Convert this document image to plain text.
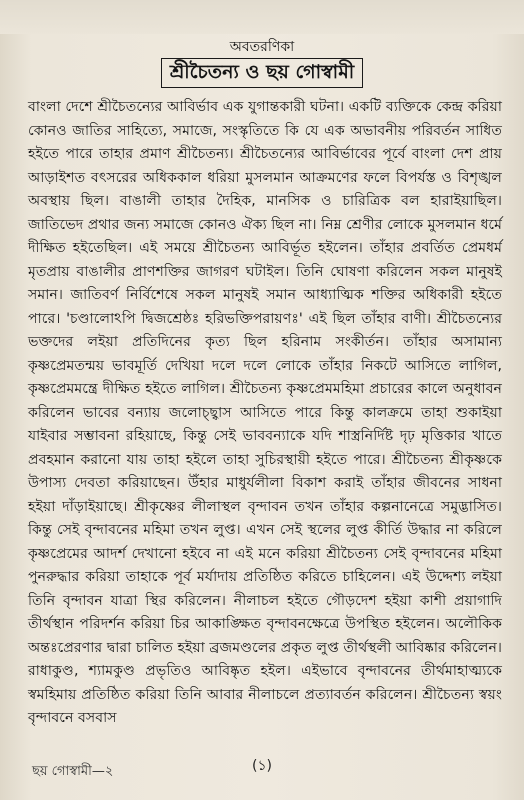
অবতরণিকা
শ্রীচৈতন্য ও ছয় গোস্বামী

বাংলা দেশে শ্রীচৈতন্যের আবির্ভাব এক যুগান্তকারী ঘটনা। একটি ব্যক্তিকে কেন্দ্র করিয়া কোনও জাতির সাহিত্যে, সমাজে, সংস্কৃতিতে কি যে এক অভাবনীয় পরিবর্তন সাধিত হইতে পারে তাহার প্রমাণ শ্রীচৈতন্য। শ্রীচৈতন্যের আবির্ভাবের পূর্বে বাংলা দেশ প্রায় আড়াইশত বৎসরের অধিককাল ধরিয়া মুসলমান আক্রমণের ফলে বিপর্যস্ত ও বিশৃঙ্খল অবস্থায় ছিল। বাঙালী তাহার দৈহিক, মানসিক ও চারিত্রিক বল হারাইয়াছিল। জাতিভেদ প্রথার জন্য সমাজে কোনও ঐক্য ছিল না। নিম্ন শ্রেণীর লোকে মুসলমান ধর্মে দীক্ষিত হইতেছিল। এই সময়ে শ্রীচৈতন্য আবির্ভূত হইলেন। তাঁহার প্রবর্তিত প্রেমধর্ম মৃতপ্রায় বাঙালীর প্রাণশক্তির জাগরণ ঘটাইল। তিনি ঘোষণা করিলেন সকল মানুষই সমান। জাতিবর্ণ নির্বিশেষে সকল মানুষই সমান আধ্যাত্মিক শক্তির অধিকারী হইতে পারে। 'চণ্ডালোঽপি দ্বিজশ্রেষ্ঠঃ হরিভক্তিপরায়ণঃ' এই ছিল তাঁহার বাণী। শ্রীচৈতন্যের ভক্তদের লইয়া প্রতিদিনের কৃত্য ছিল হরিনাম সংকীর্তন। তাঁহার অসামান্য কৃষ্ণপ্রেমতন্ময় ভাবমূর্তি দেখিয়া দলে দলে লোকে তাঁহার নিকটে আসিতে লাগিল, কৃষ্ণপ্রেমমন্ত্রে দীক্ষিত হইতে লাগিল। শ্রীচৈতন্য কৃষ্ণপ্রেমমহিমা প্রচারের কালে অনুধাবন করিলেন ভাবের বন্যায় জলোচ্ছ্বাস আসিতে পারে কিন্তু কালক্রমে তাহা শুকাইয়া যাইবার সম্ভাবনা রহিয়াছে, কিন্তু সেই ভাববন্যাকে যদি শাস্ত্রনির্দিষ্ট দৃঢ় মৃত্তিকার খাতে প্রবহমান করানো যায় তাহা হইলে তাহা সুচিরস্থায়ী হইতে পারে। শ্রীচৈতন্য শ্রীকৃষ্ণকে উপাস্য দেবতা করিয়াছেন। উঁহার মাধুর্যলীলা বিকাশ করাই তাঁহার জীবনের সাধনা হইয়া দাঁড়াইয়াছে। শ্রীকৃষ্ণের লীলাস্থল বৃন্দাবন তখন তাঁহার কল্পনানেত্রে সমুদ্ভাসিত। কিন্তু সেই বৃন্দাবনের মহিমা তখন লুপ্ত। এখন সেই স্থলের লুপ্ত কীর্তি উদ্ধার না করিলে কৃষ্ণপ্রেমের আদর্শ দেখানো হইবে না এই মনে করিয়া শ্রীচৈতন্য সেই বৃন্দাবনের মহিমা পুনরুদ্ধার করিয়া তাহাকে পূর্ব মর্যাদায় প্রতিষ্ঠিত করিতে চাহিলেন। এই উদ্দেশ্য লইয়া তিনি বৃন্দাবন যাত্রা স্থির করিলেন। নীলাচল হইতে গৌড়দেশ হইয়া কাশী প্রয়াগাদি তীর্থস্থান পরিদর্শন করিয়া চির আকাঙ্ক্ষিত বৃন্দাবনক্ষেত্রে উপস্থিত হইলেন। অলৌকিক অন্তঃপ্রেরণার দ্বারা চালিত হইয়া ব্রজমণ্ডলের প্রকৃত লুপ্ত তীর্থস্থলী আবিষ্কার করিলেন। রাধাকুণ্ড, শ্যামকুণ্ড প্রভৃতিও আবিষ্কৃত হইল। এইভাবে বৃন্দাবনের তীর্থমাহাত্ম্যকে স্বমহিমায় প্রতিষ্ঠিত করিয়া তিনি আবার নীলাচলে প্রত্যাবর্তন করিলেন। শ্রীচৈতন্য স্বয়ং বৃন্দাবনে বসবাস

ছয় গোস্বামী—২	(১)
